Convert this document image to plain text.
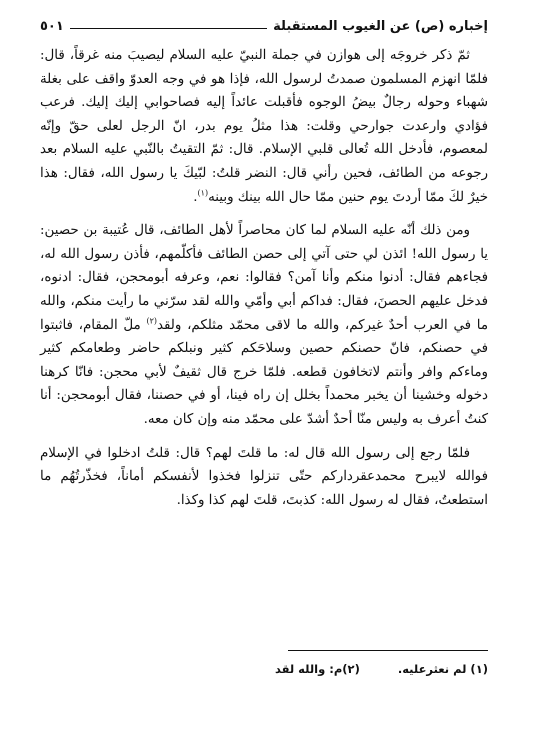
إخباره (ص) عن الغيوب المستقبلة
٥٠١

ثمّ ذكر خروجَه إلى هوازن في جملة النبيّ عليه السلام ليصيبَ منه غرقاً، قال: فلمّا انهزم المسلمون صمدتُ لرسول الله، فإذا هو في وجه العدوّ واقف على بغلة شهباء وحوله رجالٌ بيضُ الوجوه فأقبلت عائداً إليه فصاحوابي إليك إليك. فرعب فؤادي وارعدت جوارحي وقلت: هذا مثلُ يوم بدر، انّ الرجل لعلى حقّ وإنّه لمعصوم، فأدخل الله تُعالى قلبي الإسلام. قال: ثمّ التقيتُ بالنّبي عليه السلام بعد رجوعه من الطائف، فحين رأني قال: النضر قلتُ: لبّيكَ يا رسول الله، فقال: هذا خيرٌ لكَ ممّا أردتَ يوم حنين ممّا حال الله بينك وبينه$^{(١)}$.

ومن ذلك أنّه عليه السلام لما كان محاصراً لأهل الطائف، قال عُتيبة بن حصين: يا رسول الله! ائذن لي حتى آتي إلى حصن الطائف فأكلّمهم، فأذن رسول الله له، فجاءهم فقال: أدنوا منكم وأنا آمن؟ فقالوا: نعم، وعرفه أبومحجن، فقال: ادنوه، فدخل عليهم الحصنَ، فقال: فداكم أبي وأمّي والله لقد سرّني ما رأيت منكم، والله ما في العرب أحدٌ غيركم، والله ما لاقى محمّد مثلكم، ولقد$^{(٢)}$ ملّ المقام، فاثبتوا في حصنكم، فانّ حصنكم حصين وسلاحَكم كثير ونبلكم حاضر وطعامكم كثير وماءكم وافر وأنتم لاتخافون قطعه. فلمّا خرج قال ثقيفٌ لأبي محجن: فانّا كرهنا دخوله وخشينا أن يخبر محمداً بخلل إن راه فينا، أو في حصننا، فقال أبومحجن: أنا كنتُ أعرف به وليس منّا أحدٌ أشدّ على محمّد منه وإن كان معه.

فلمّا رجع إلى رسول الله قال له: ما قلتَ لهم؟ قال: قلتُ ادخلوا في الإسلام فوالله لايبرح محمدعقرداركم حتّى تنزلوا فخذوا لأنفسكم أماناً، فخذّرتُهُم ما استطعتُ، فقال له رسول الله: كذبتَ، قلتَ لهم كذا وكذا.

(١) لم نعثرعليه.
(٢)م: والله لقد
